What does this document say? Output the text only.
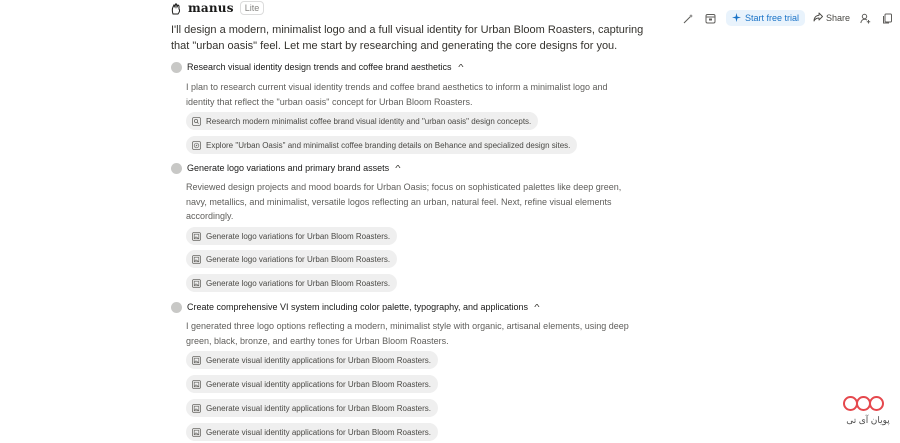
manus	Lite
Start free trial	Share

I'll design a modern, minimalist logo and a full visual identity for Urban Bloom Roasters, capturing that "urban oasis" feel. Let me start by researching and generating the core designs for you.

Research visual identity design trends and coffee brand aesthetics ^

I plan to research current visual identity trends and coffee brand aesthetics to inform a minimalist logo and identity that reflect the "urban oasis" concept for Urban Bloom Roasters.

Research modern minimalist coffee brand visual identity and "urban oasis" design concepts.
Explore "Urban Oasis" and minimalist coffee branding details on Behance and specialized design sites.
Generate logo variations and primary brand assets ^

Reviewed design projects and mood boards for Urban Oasis; focus on sophisticated palettes like deep green, navy, metallics, and minimalist, versatile logos reflecting an urban, natural feel. Next, refine visual elements accordingly.

Generate logo variations for Urban Bloom Roasters.
Generate logo variations for Urban Bloom Roasters.
Generate logo variations for Urban Bloom Roasters.
Create comprehensive VI system including color palette, typography, and applications ^

I generated three logo options reflecting a modern, minimalist style with organic, artisanal elements, using deep green, black, bronze, and earthy tones for Urban Bloom Roasters.

Generate visual identity applications for Urban Bloom Roasters.
Generate visual identity applications for Urban Bloom Roasters.
Generate visual identity applications for Urban Bloom Roasters.
Generate visual identity applications for Urban Bloom Roasters.
پویان آی تی
